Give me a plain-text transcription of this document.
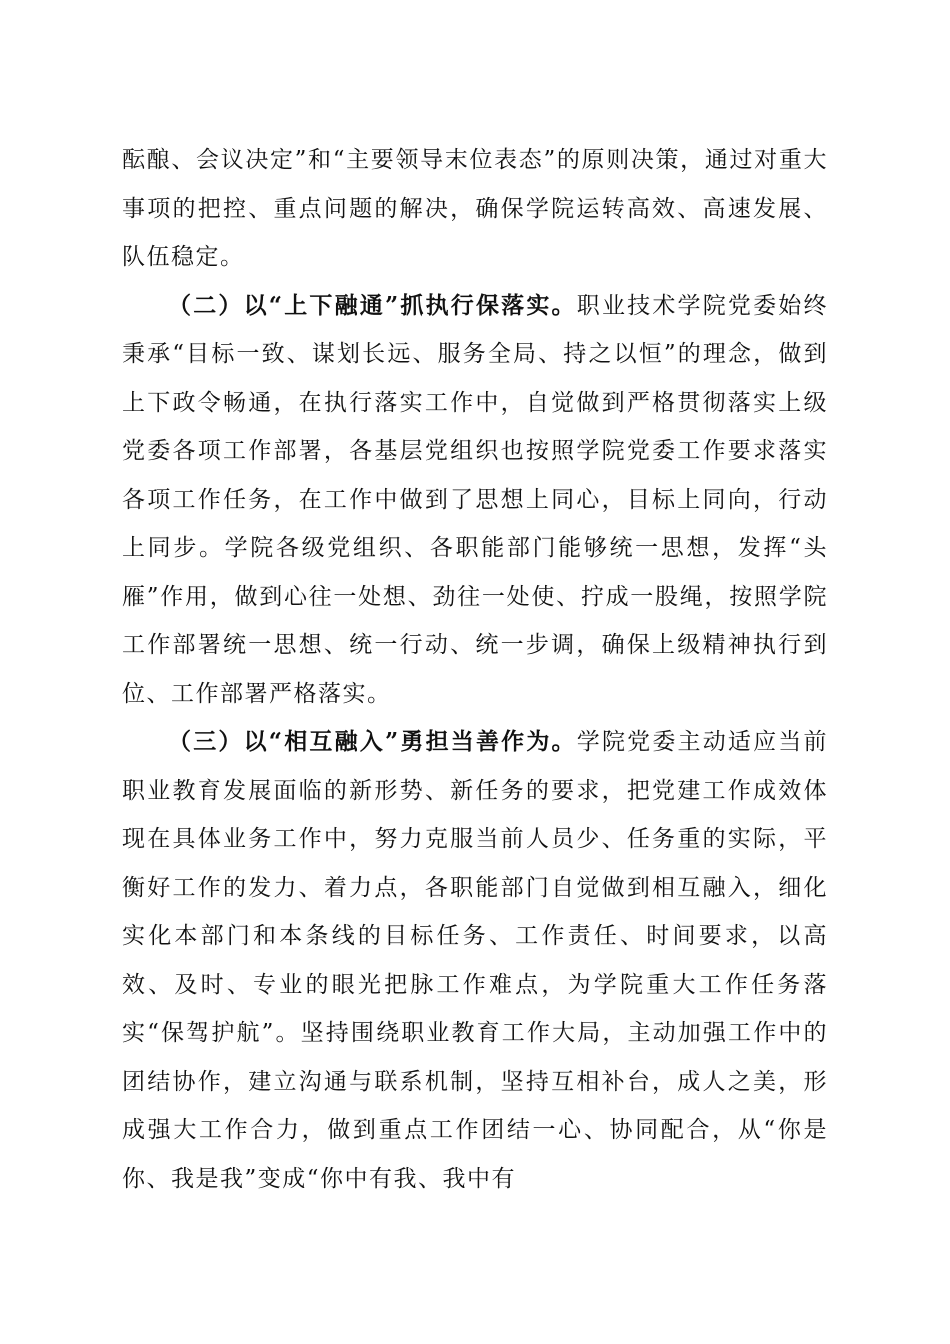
酝酿、会议决定”和“主要领导末位表态”的原则决策，通过对重大事项的把控、重点问题的解决，确保学院运转高效、高速发展、队伍稳定。

（二）以“上下融通”抓执行保落实。职业技术学院党委始终秉承“目标一致、谋划长远、服务全局、持之以恒”的理念，做到上下政令畅通，在执行落实工作中，自觉做到严格贯彻落实上级党委各项工作部署，各基层党组织也按照学院党委工作要求落实各项工作任务，在工作中做到了思想上同心，目标上同向，行动上同步。学院各级党组织、各职能部门能够统一思想，发挥“头雁”作用，做到心往一处想、劲往一处使、拧成一股绳，按照学院工作部署统一思想、统一行动、统一步调，确保上级精神执行到位、工作部署严格落实。

（三）以“相互融入”勇担当善作为。学院党委主动适应当前职业教育发展面临的新形势、新任务的要求，把党建工作成效体现在具体业务工作中，努力克服当前人员少、任务重的实际，平衡好工作的发力、着力点，各职能部门自觉做到相互融入，细化实化本部门和本条线的目标任务、工作责任、时间要求，以高效、及时、专业的眼光把脉工作难点，为学院重大工作任务落实“保驾护航”。坚持围绕职业教育工作大局，主动加强工作中的团结协作，建立沟通与联系机制，坚持互相补台，成人之美，形成强大工作合力，做到重点工作团结一心、协同配合，从“你是你、我是我”变成“你中有我、我中有
